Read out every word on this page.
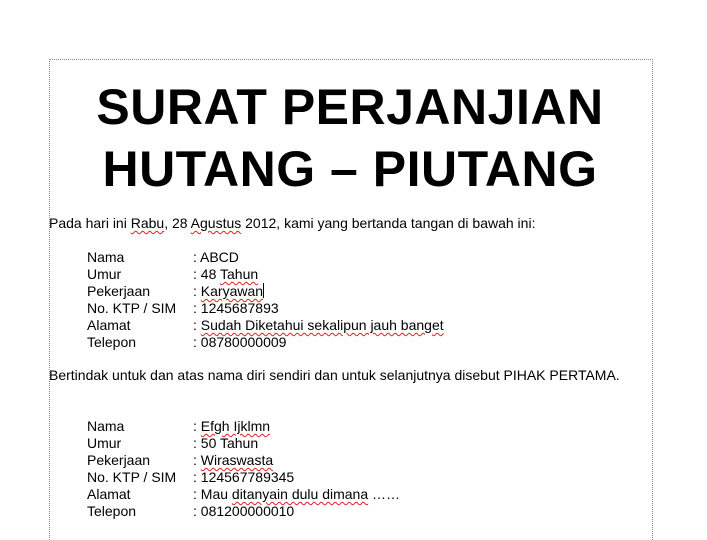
SURAT PERJANJIAN
HUTANG – PIUTANG

Pada hari ini Rabu, 28 Agustus 2012, kami yang bertanda tangan di bawah ini:

Nama	: ABCD
Umur	: 48 Tahun
Pekerjaan	: Karyawan
No. KTP / SIM	: 1245687893
Alamat	: Sudah Diketahui sekalipun jauh banget
Telepon	: 08780000009

Bertindak untuk dan atas nama diri sendiri dan untuk selanjutnya disebut PIHAK PERTAMA.

Nama	: Efgh Ijklmn
Umur	: 50 Tahun
Pekerjaan	: Wiraswasta
No. KTP / SIM	: 124567789345
Alamat	: Mau ditanyain dulu dimana ……
Telepon	: 081200000010
